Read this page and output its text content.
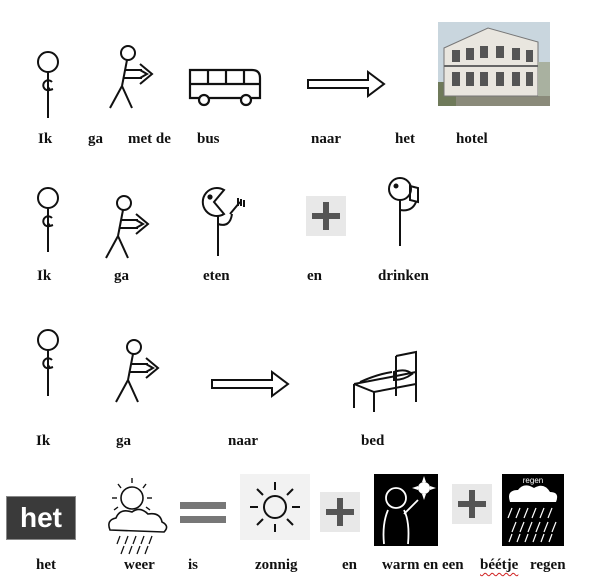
Ik ga met de bus	naar	het	hotel
Ik	ga	eten	en	drinken
Ik	ga	naar	bed
het
regen
het	weer is	zonnig	en warm en een béétje regen
